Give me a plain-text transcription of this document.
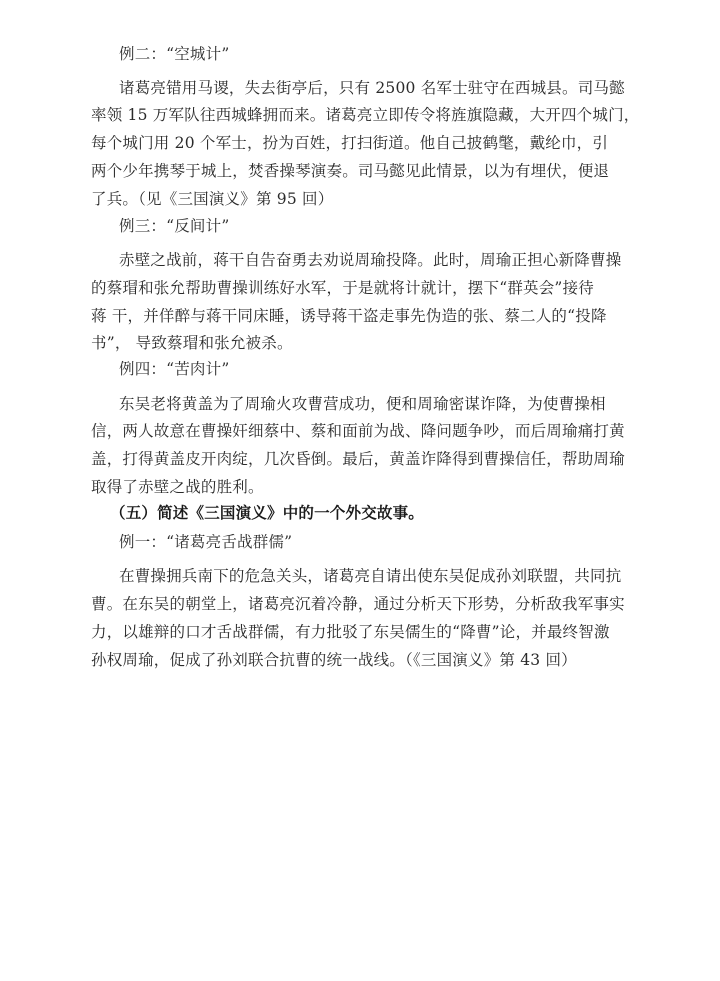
例二：“空城计”
诸葛亮错用马谡，失去街亭后，只有 2500 名军士驻守在西城县。司马懿
率领 15 万军队往西城蜂拥而来。诸葛亮立即传令将旌旗隐藏，大开四个城门，
每个城门用 20 个军士，扮为百姓，打扫街道。他自己披鹤氅，戴纶巾，引
两个少年携琴于城上，焚香操琴演奏。司马懿见此情景，以为有埋伏，便退
了兵。（见《三国演义》第 95 回）
例三：“反间计”
赤壁之战前，蒋干自告奋勇去劝说周瑜投降。此时，周瑜正担心新降曹操
的蔡瑁和张允帮助曹操训练好水军，于是就将计就计，摆下“群英会”接待
蒋 干，并佯醉与蒋干同床睡，诱导蒋干盗走事先伪造的张、蔡二人的“投降
书”， 导致蔡瑁和张允被杀。
例四：“苦肉计”
东吴老将黄盖为了周瑜火攻曹营成功，便和周瑜密谋诈降，为使曹操相
信，两人故意在曹操奸细蔡中、蔡和面前为战、降问题争吵，而后周瑜痛打黄
盖，打得黄盖皮开肉绽，几次昏倒。最后，黄盖诈降得到曹操信任，帮助周瑜
取得了赤壁之战的胜利。
（五）简述《三国演义》中的一个外交故事。
例一：“诸葛亮舌战群儒”
在曹操拥兵南下的危急关头，诸葛亮自请出使东吴促成孙刘联盟，共同抗
曹。在东吴的朝堂上，诸葛亮沉着冷静，通过分析天下形势，分析敌我军事实
力，以雄辩的口才舌战群儒，有力批驳了东吴儒生的“降曹”论，并最终智激
孙权周瑜，促成了孙刘联合抗曹的统一战线。（《三国演义》第 43 回）
